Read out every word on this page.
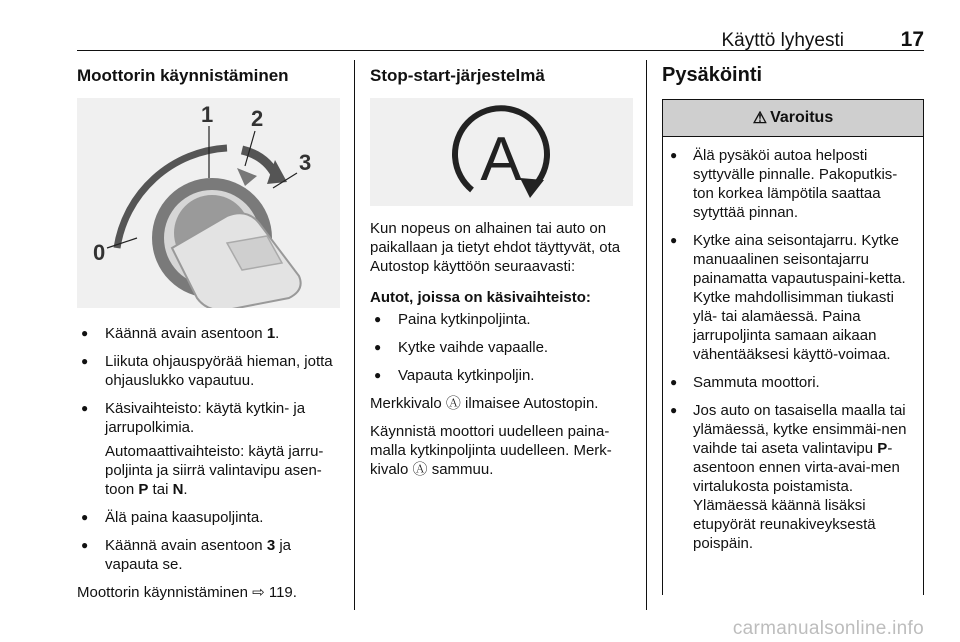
Käyttö lyhyesti	17
Moottorin käynnistäminen
1 2
3
0
● Käännä avain asentoon 1.
● Liikuta ohjauspyörää hieman, jotta ohjauslukko vapautuu.
● Käsivaihteisto: käytä kytkin- ja jarrupolkimia.
Automaattivaihteisto: käytä jarru-poljinta ja siirrä valintavipu asen-toon P tai N.
● Älä paina kaasupoljinta.
● Käännä avain asentoon 3 ja vapauta se.
Moottorin käynnistäminen ⇨ 119.
Stop-start-järjestelmä
A
Kun nopeus on alhainen tai auto on paikallaan ja tietyt ehdot täyttyvät, ota Autostop käyttöön seuraavasti:
Autot, joissa on käsivaihteisto:
● Paina kytkinpoljinta.
● Kytke vaihde vapaalle.
● Vapauta kytkinpoljin.
Merkkivalo Ⓐ ilmaisee Autostopin.
Käynnistä moottori uudelleen paina-malla kytkinpoljinta uudelleen. Merk-kivalo Ⓐ sammuu.
Pysäköinti
⚠ Varoitus
● Älä pysäköi autoa helposti syttyvälle pinnalle. Pakoputkis-ton korkea lämpötila saattaa sytyttää pinnan.
● Kytke aina seisontajarru. Kytke manuaalinen seisontajarru painamatta vapautuspaini-ketta. Kytke mahdollisimman tiukasti ylä- tai alamäessä. Paina jarrupoljinta samaan aikaan vähentääksesi käyttö-voimaa.
● Sammuta moottori.
● Jos auto on tasaisella maalla tai ylämäessä, kytke ensimmäi-nen vaihde tai aseta valintavipu P-asentoon ennen virta-avai-men virtalukosta poistamista. Ylämäessä käännä lisäksi etupyörät reunakiveyksestä poispäin.
carmanualsonline.info
